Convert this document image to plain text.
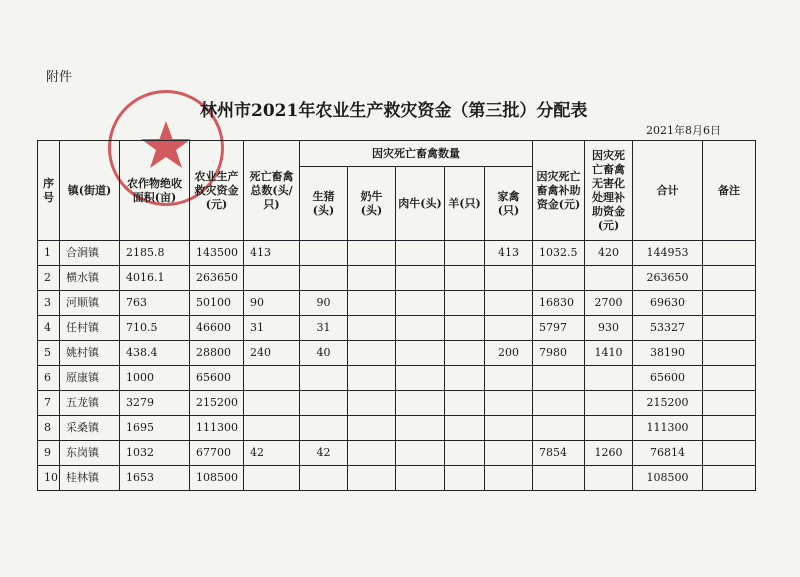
附件
林州市2021年农业生产救灾资金（第三批）分配表
2021年8月6日
序号	镇(街道)	农作物绝收面积(亩)	农业生产救灾资金(元)	死亡畜禽总数(头/只)	因灾死亡畜禽数量					因灾死亡畜禽补助资金(元)	因灾死亡畜禽无害化处理补助资金(元)	合计	备注
					生猪(头)	奶牛(头)	肉牛(头)	羊(只)	家禽(只)				
1	合涧镇	2185.8	143500	413					413	1032.5	420	144953	
2	横水镇	4016.1	263650									263650	
3	河顺镇	763	50100	90	90					16830	2700	69630	
4	任村镇	710.5	46600	31	31					5797	930	53327	
5	姚村镇	438.4	28800	240	40				200	7980	1410	38190	
6	原康镇	1000	65600									65600	
7	五龙镇	3279	215200									215200	
8	采桑镇	1695	111300									111300	
9	东岗镇	1032	67700	42	42					7854	1260	76814	
10	桂林镇	1653	108500									108500	
